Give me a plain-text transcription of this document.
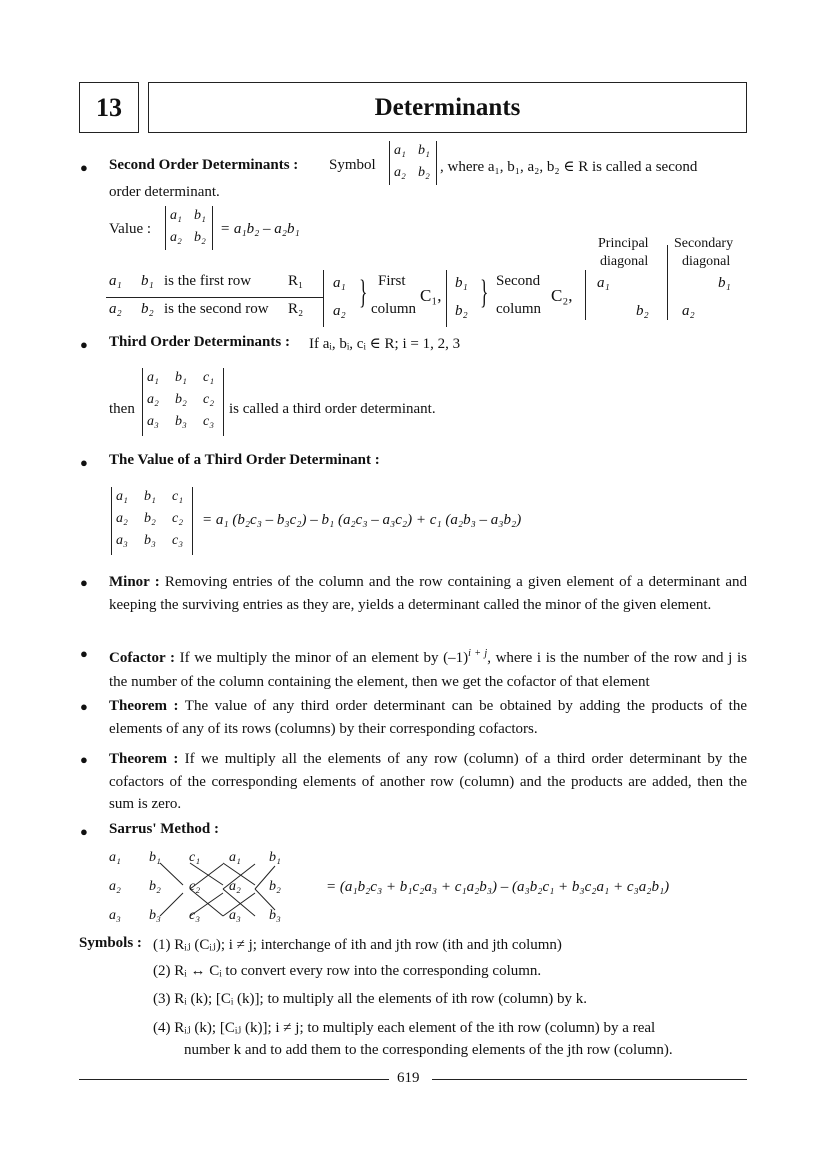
13	Determinants
● Second Order Determinants : Symbol
a₁ b₁
a₂ b₂ , where a₁, b₁, a₂, b₂ ∈ R is called a second
order determinant.
Value :
a₁ b₁
a₂ b₂
= a₁b₂ – a₂b₁
a₁ b₁ is the first row R₁
a₂ b₂ is the second row R₂
a₁
a₂ } First
column
C₁,
b₁
b₂ } Second
column
C₂,
Principal
diagonal
a₁
b₂
Secondary
diagonal
b₁
a₂
● Third Order Determinants : If aᵢ, bᵢ, cᵢ ∈ R; i = 1, 2, 3
then
a₁ b₁ c₁
a₂ b₂ c₂
a₃ b₃ c₃
is called a third order determinant.
● The Value of a Third Order Determinant :
a₁ b₁ c₁
a₂ b₂ c₂
a₃ b₃ c₃
= a₁ (b₂c₃ – b₃c₂) – b₁ (a₂c₃ – a₃c₂) + c₁ (a₂b₃ – a₃b₂)
● Minor : Removing entries of the column and the row containing a given element of a determinant and keeping the surviving entries as they are, yields a determinant called the minor of the given element.
● Cofactor : If we multiply the minor of an element by $(-1)^{i + j}$, where i is the number of the row and j is the number of the column containing the element, then we get the cofactor of that element
● Theorem : The value of any third order determinant can be obtained by adding the products of the elements of any of its rows (columns) by their corresponding cofactors.
● Theorem : If we multiply all the elements of any row (column) of a third order determinant by the cofactors of the corresponding elements of another row (column) and the products are added, then the sum is zero.
● Sarrus' Method :
a₁ b₁ c₁ a₁ b₁
a₂ b₂ c₂ a₂ b₂
a₃ b₃ c₃ a₃ b₃
= (a₁b₂c₃ + b₁c₂a₃ + c₁a₂b₃) – (a₃b₂c₁ + b₃c₂a₁ + c₃a₂b₁)
Symbols : (1) Rᵢⱼ (Cᵢⱼ); i ≠ j; interchange of ith and jth row (ith and jth column)
(2) Rᵢ ↔ Cᵢ to convert every row into the corresponding column.
(3) Rᵢ (k); [Cᵢ (k)]; to multiply all the elements of ith row (column) by k.
(4) Rᵢⱼ (k); [Cᵢⱼ (k)]; i ≠ j; to multiply each element of the ith row (column) by a real
number k and to add them to the corresponding elements of the jth row (column).
619
